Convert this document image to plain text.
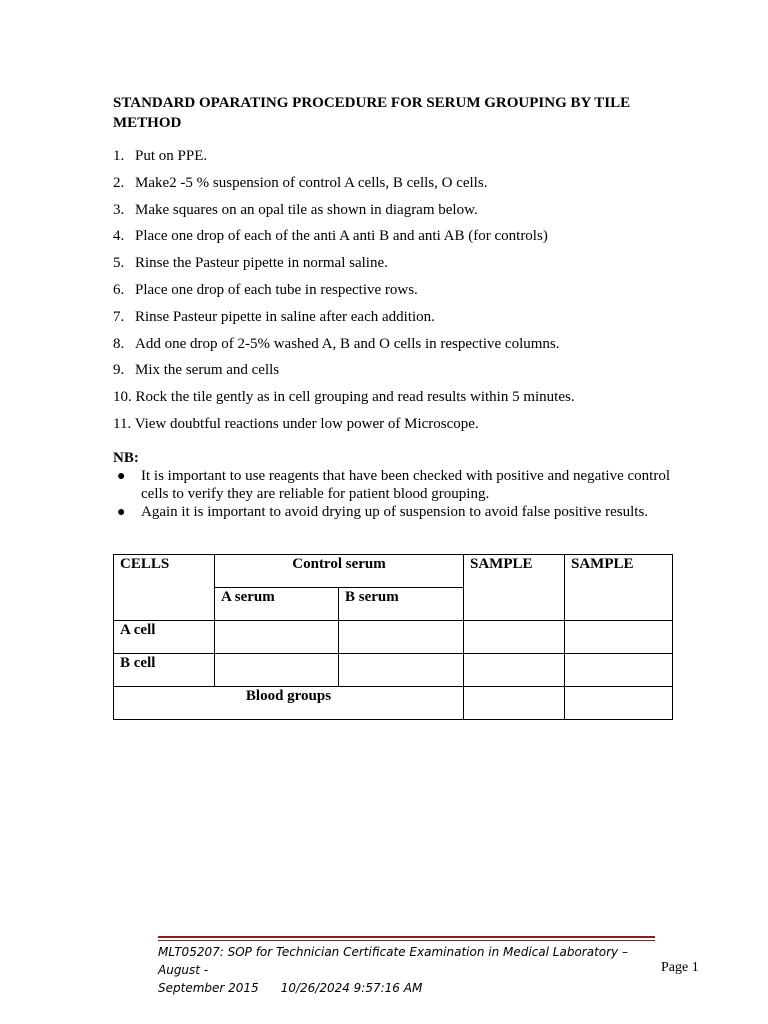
STANDARD OPARATING PROCEDURE FOR SERUM GROUPING BY TILE METHOD
1. Put on PPE.
2. Make2 -5 % suspension of control A cells, B cells, O cells.
3. Make squares on an opal tile as shown in diagram below.
4. Place one drop of each of the anti A anti B and anti AB (for controls)
5. Rinse the Pasteur pipette in normal saline.
6. Place one drop of each tube in respective rows.
7. Rinse Pasteur pipette in saline after each addition.
8. Add one drop of 2-5% washed A, B and O cells in respective columns.
9. Mix the serum and cells
10. Rock the tile gently as in cell grouping and read results within 5 minutes.
11. View doubtful reactions under low power of Microscope.
NB:
● It is important to use reagents that have been checked with positive and negative control cells to verify they are reliable for patient blood grouping.
● Again it is important to avoid drying up of suspension to avoid false positive results.
CELLS	Control serum		SAMPLE	SAMPLE
	A serum	B serum		
A cell				
B cell				
Blood groups				
MLT05207: SOP for Technician Certificate Examination in Medical Laboratory – August -
September 2015 10/26/2024 9:57:16 AM
Page 1
